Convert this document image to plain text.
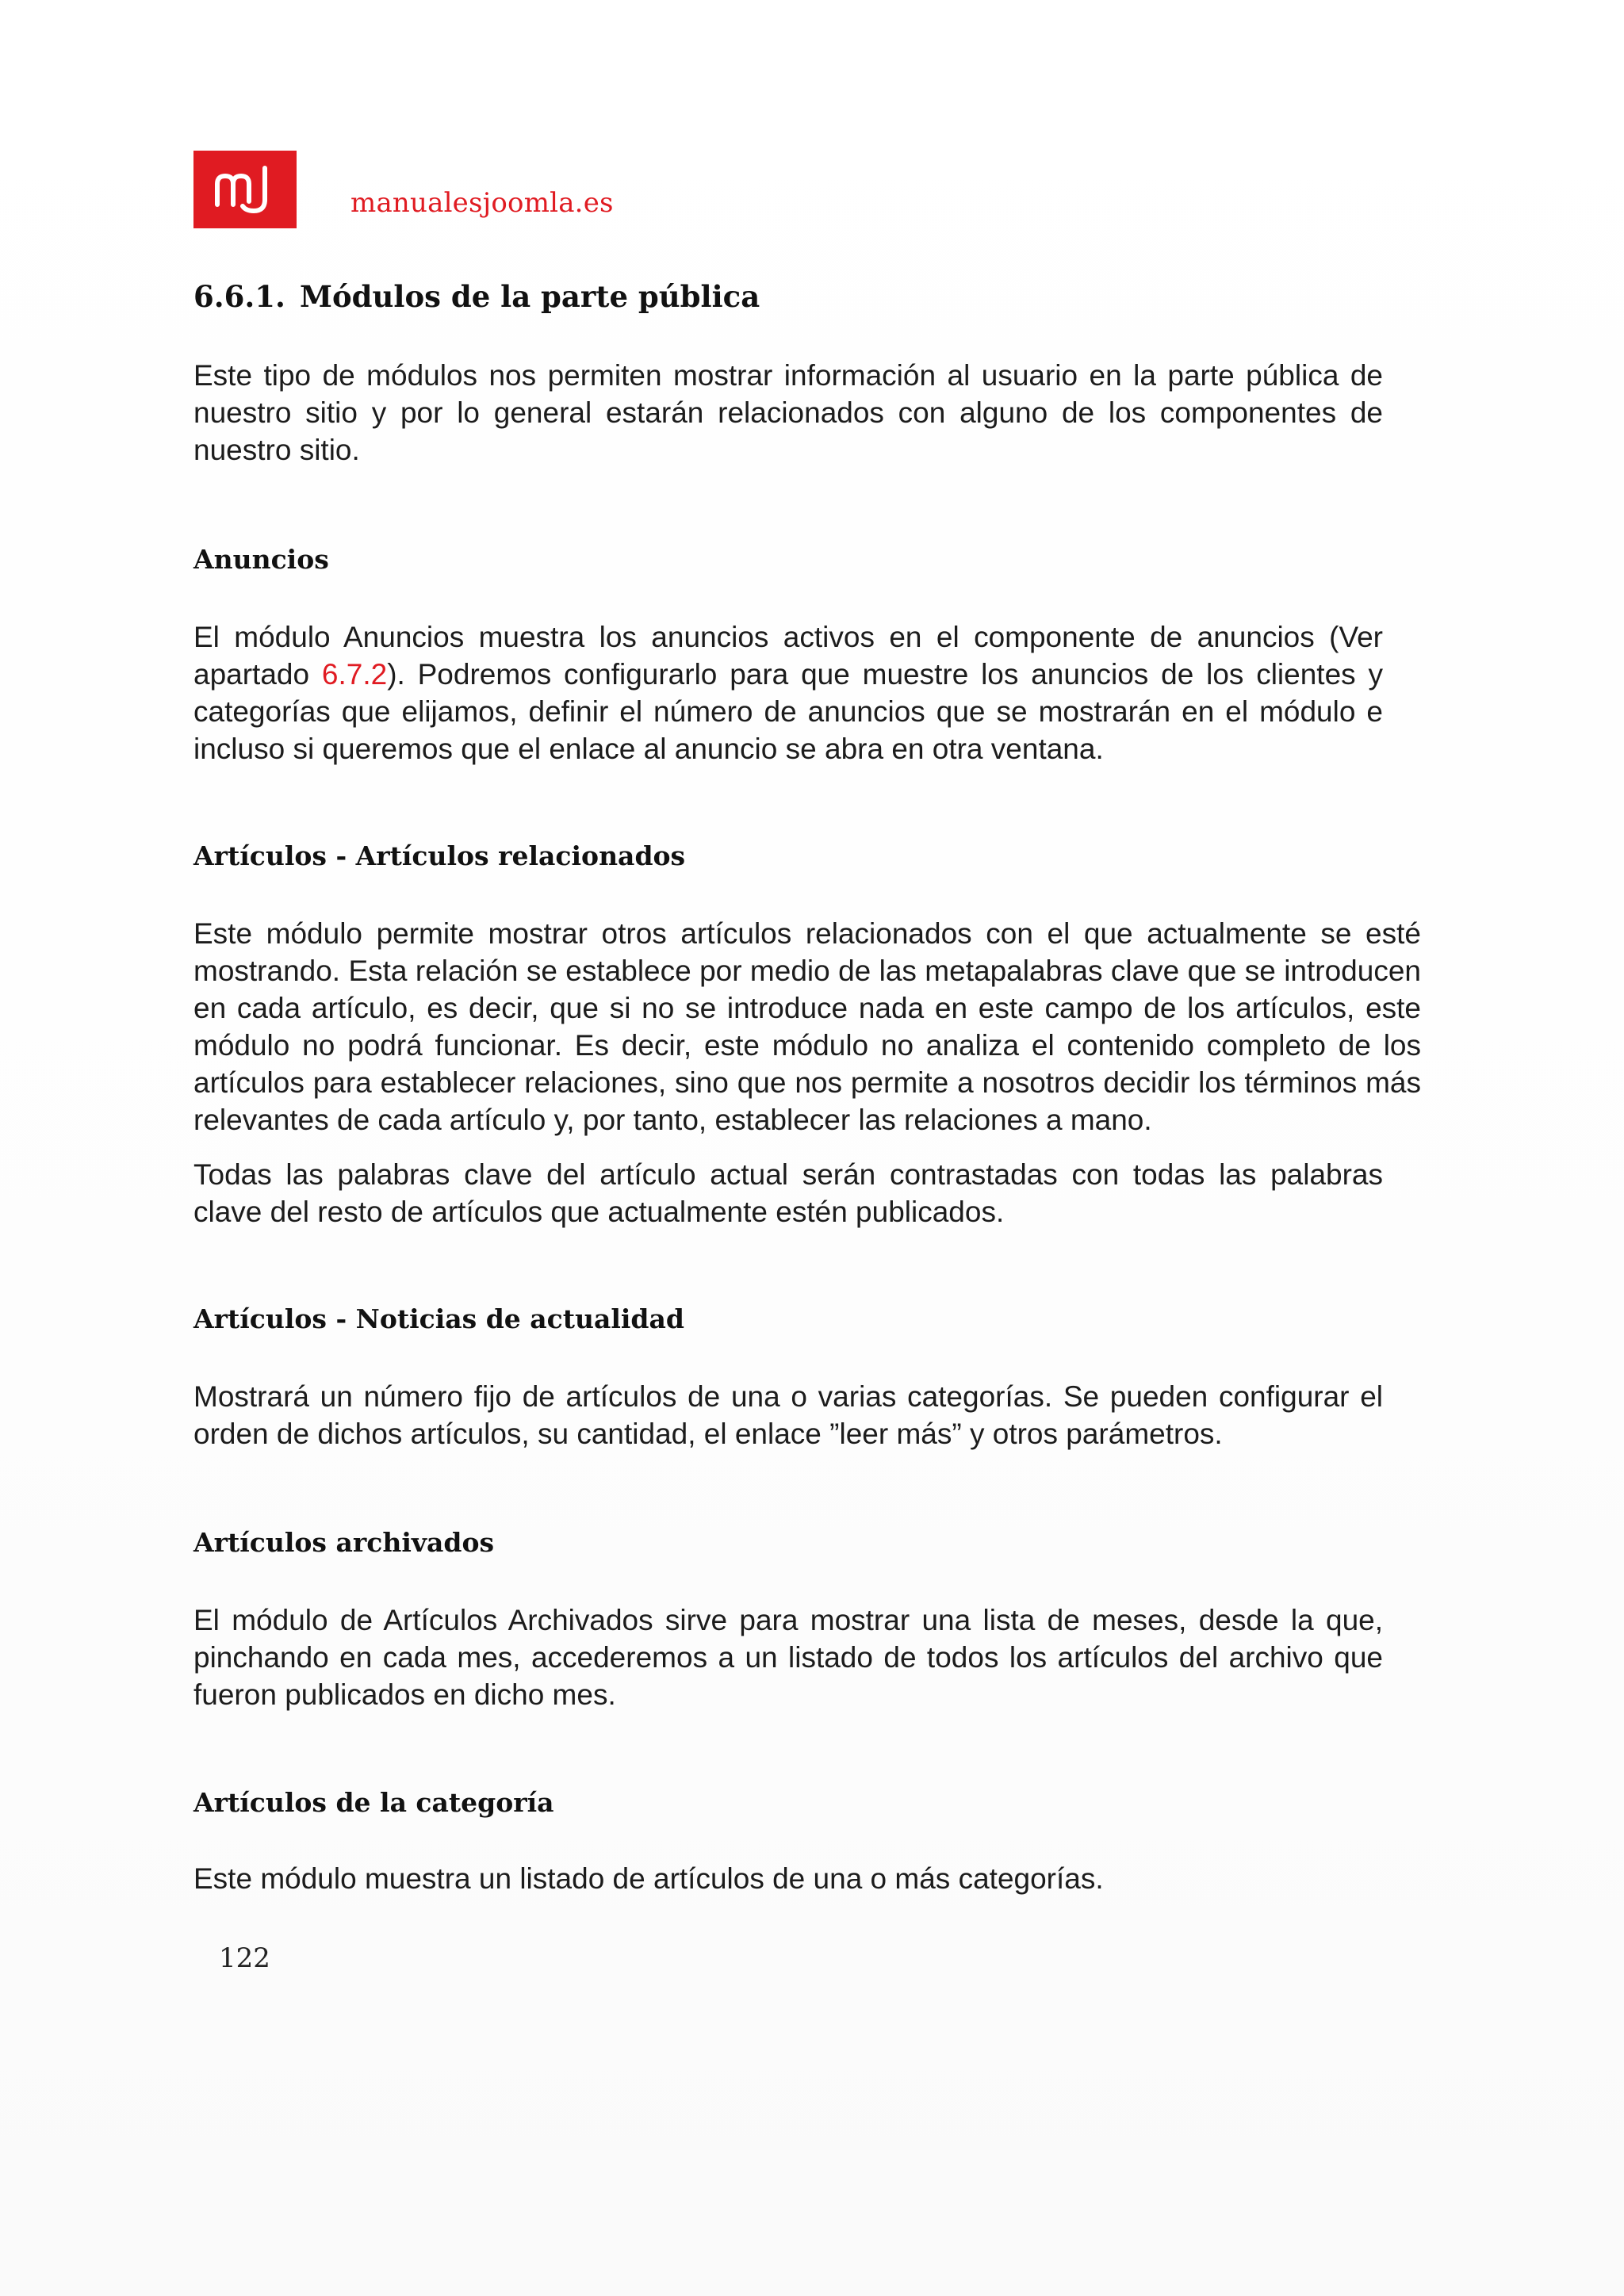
manualesjoomla.es
6.6.1. Módulos de la parte pública
Este tipo de módulos nos permiten mostrar información al usuario en la parte pública de nuestro sitio y por lo general estarán relacionados con alguno de los componentes de nuestro sitio.
Anuncios
El módulo Anuncios muestra los anuncios activos en el componente de anuncios (Ver apartado 6.7.2). Podremos configurarlo para que muestre los anuncios de los clientes y categorías que elijamos, definir el número de anuncios que se mostrarán en el módulo e incluso si queremos que el enlace al anuncio se abra en otra ventana.
Artículos - Artículos relacionados
Este módulo permite mostrar otros artículos relacionados con el que actualmente se esté mostrando. Esta relación se establece por medio de las metapalabras clave que se introducen en cada artículo, es decir, que si no se introduce nada en este campo de los artículos, este módulo no podrá funcionar. Es decir, este módulo no analiza el contenido completo de los artículos para establecer relaciones, sino que nos permite a nosotros decidir los términos más relevantes de cada artículo y, por tanto, establecer las relaciones a mano.
Todas las palabras clave del artículo actual serán contrastadas con todas las palabras clave del resto de artículos que actualmente estén publicados.
Artículos - Noticias de actualidad
Mostrará un número fijo de artículos de una o varias categorías. Se pueden configurar el orden de dichos artículos, su cantidad, el enlace ”leer más” y otros parámetros.
Artículos archivados
El módulo de Artículos Archivados sirve para mostrar una lista de meses, desde la que, pinchando en cada mes, accederemos a un listado de todos los artículos del archivo que fueron publicados en dicho mes.
Artículos de la categoría
Este módulo muestra un listado de artículos de una o más categorías.
122
